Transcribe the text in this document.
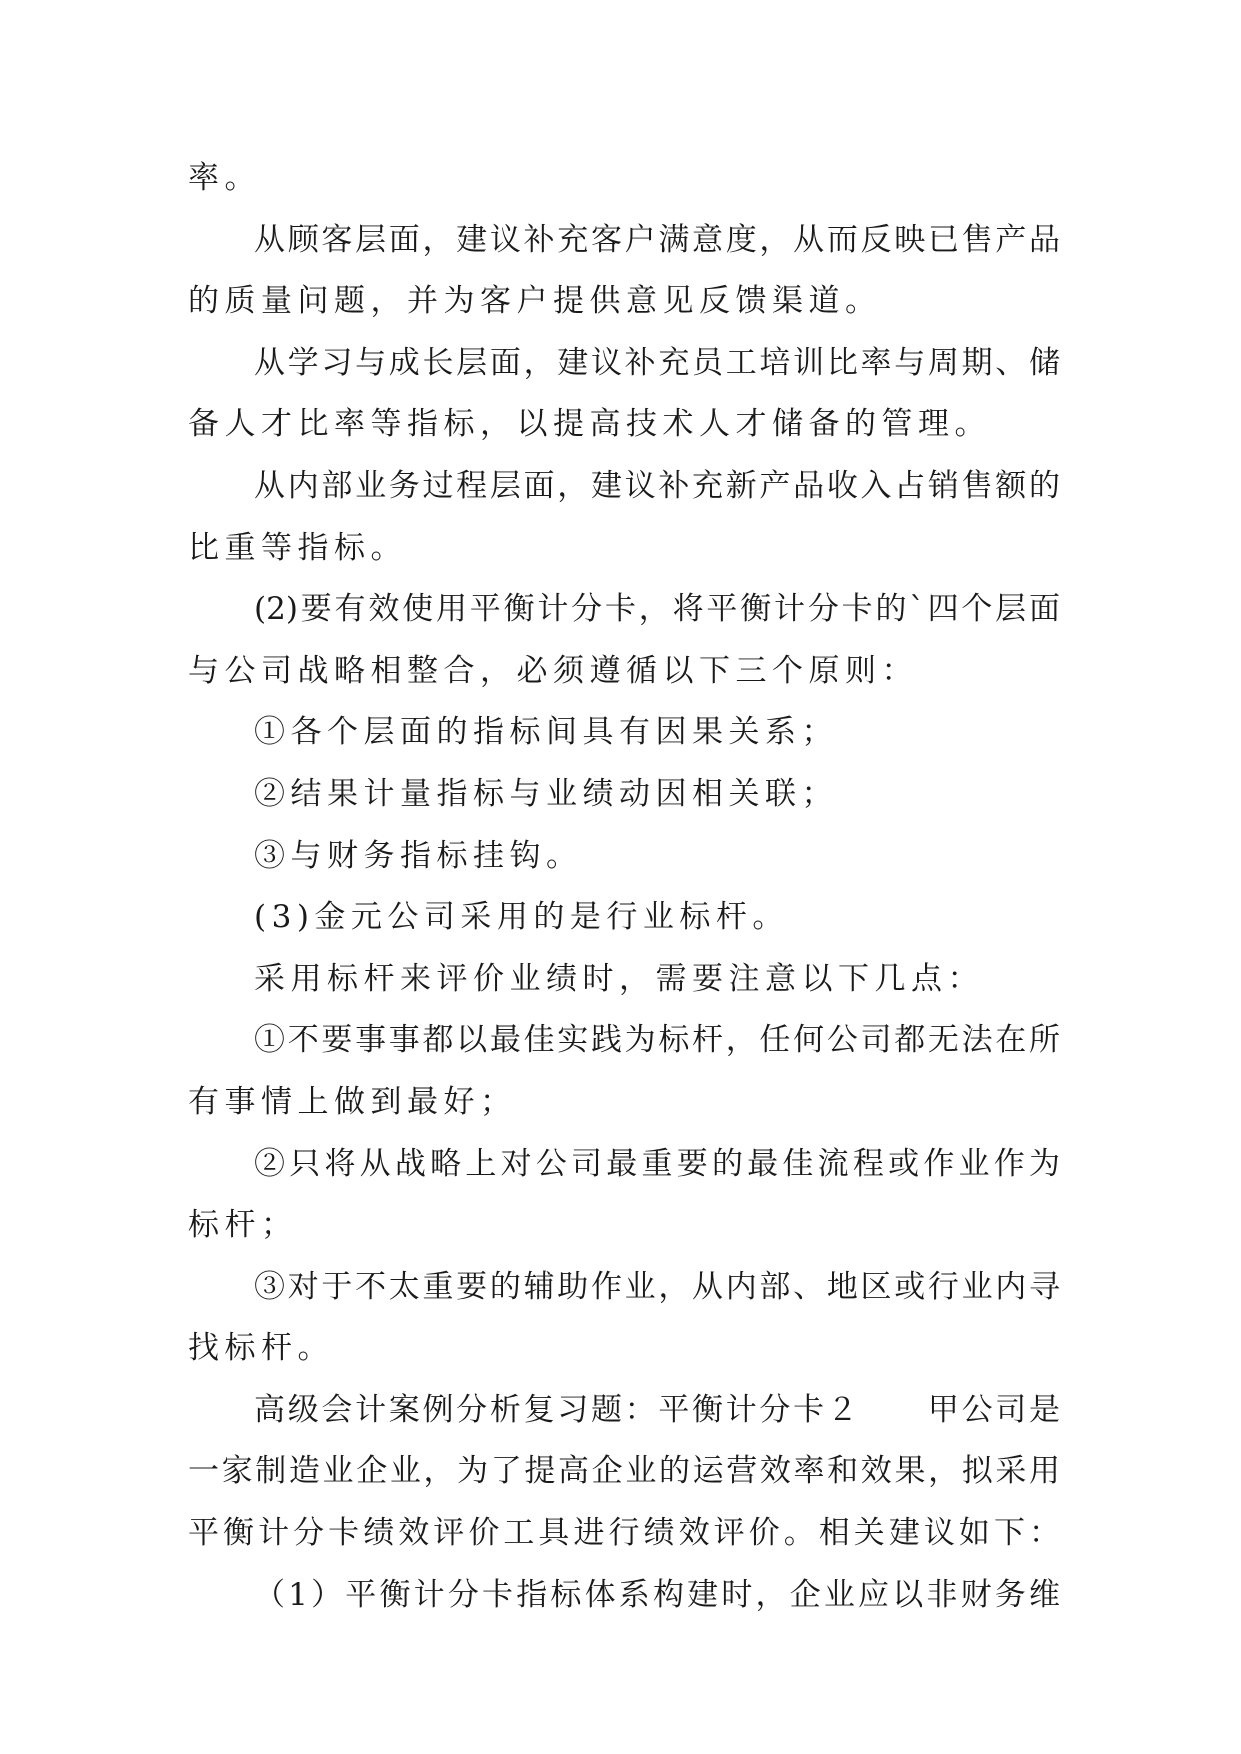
率。

从顾客层面，建议补充客户满意度，从而反映已售产品

的质量问题，并为客户提供意见反馈渠道。

从学习与成长层面，建议补充员工培训比率与周期、储

备人才比率等指标，以提高技术人才储备的管理。

从内部业务过程层面，建议补充新产品收入占销售额的

比重等指标。

(2)要有效使用平衡计分卡，将平衡计分卡的`四个层面

与公司战略相整合，必须遵循以下三个原则：

①各个层面的指标间具有因果关系；

②结果计量指标与业绩动因相关联；

③与财务指标挂钩。

(3)金元公司采用的是行业标杆。

采用标杆来评价业绩时，需要注意以下几点：

①不要事事都以最佳实践为标杆，任何公司都无法在所

有事情上做到最好；

②只将从战略上对公司最重要的最佳流程或作业作为

标杆；

③对于不太重要的辅助作业，从内部、地区或行业内寻

找标杆。

高级会计案例分析复习题：平衡计分卡２　　甲公司是

一家制造业企业，为了提高企业的运营效率和效果，拟采用

平衡计分卡绩效评价工具进行绩效评价。相关建议如下：

（1）平衡计分卡指标体系构建时，企业应以非财务维
